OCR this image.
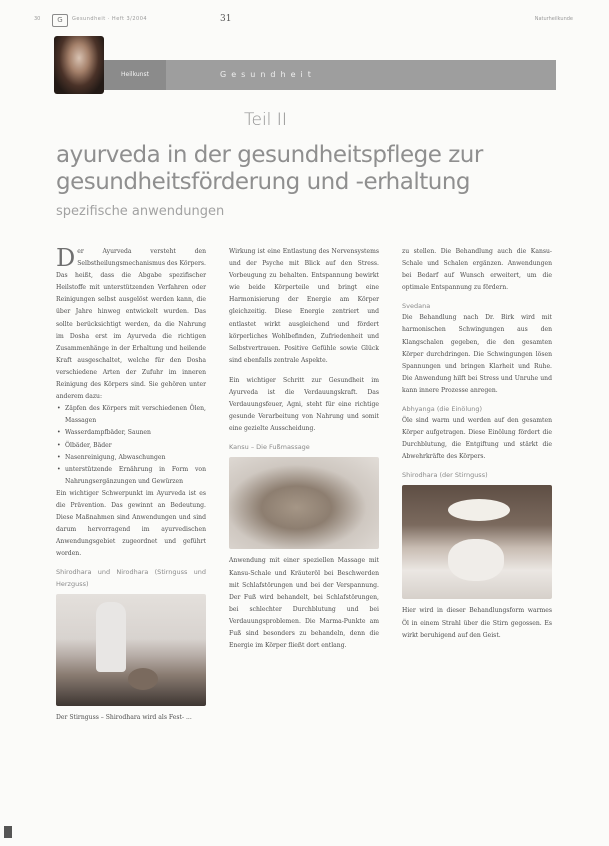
30	G	Gesundheit · Heft 3/2004	31	Naturheilkunde
Heilkunst	Gesundheit
Teil II
ayurveda in der gesundheitspflege zur gesundheitsförderung und -erhaltung
spezifische anwendungen

Der Ayurveda versteht den Selbstheilungsmechanismus des Körpers. Das heißt, dass die Abgabe spezifischer Heilstoffe mit unterstützenden Verfahren oder Reinigungen selbst ausgelöst werden kann, die über Jahre hinweg entwickelt wurden. Das sollte berücksichtigt werden, da die Nahrung im Dosha erst im Ayurveda die richtigen Zusammenhänge in der Erhaltung und heilende Kraft ausgeschaltet, welche für den Dosha verschiedene Arten der Zufuhr im inneren Reinigung des Körpers sind. Sie gehören unter anderem dazu:

• Zäpfen des Körpers mit verschiedenen Ölen, Massagen
• Wasserdampfbäder, Saunen
• Ölbäder, Bäder
• Nasenreinigung, Abwaschungen
• unterstützende Ernährung in Form von Nahrungsergänzungen und Gewürzen

Ein wichtiger Schwerpunkt im Ayurveda ist es die Prävention. Das gewinnt an Bedeutung. Diese Maßnahmen sind Anwendungen und sind darum hervorragend im ayurvedischen Anwendungsgebiet zugeordnet und geführt worden.

Shirodhara und Nirodhara (Stirnguss und Herzguss)

Der Stirnguss – Shirodhara wird als Fest- ...

Wirkung ist eine Entlastung des Nervensystems und der Psyche mit Blick auf den Stress. Vorbeugung zu behalten. Entspannung bewirkt wie beide Körperteile und bringt eine Harmonisierung der Energie am Körper gleichzeitig. Diese Energie zentriert und entlastet wirkt ausgleichend und fördert körperliches Wohlbefinden, Zufriedenheit und Selbstvertrauen. Positive Gefühle sowie Glück sind ebenfalls zentrale Aspekte.

Ein wichtiger Schritt zur Gesundheit im Ayurveda ist die Verdauungskraft. Das Verdauungsfeuer, Agni, steht für eine richtige gesunde Verarbeitung von Nahrung und somit eine gezielte Ausscheidung.

Kansu – Die Fußmassage

Anwendung mit einer speziellen Massage mit Kansu-Schale und Kräuteröl bei Beschwerden mit Schlafstörungen und bei der Verspannung. Der Fuß wird behandelt, bei Schlafstörungen, bei schlechter Durchblutung und bei Verdauungsproblemen. Die Marma-Punkte am Fuß sind besonders zu behandeln, denn die Energie im Körper fließt dort entlang.

zu stellen. Die Behandlung auch die Kansu-Schale und Schalen ergänzen. Anwendungen bei Bedarf auf Wunsch erweitert, um die optimale Entspannung zu fördern.

Svedana

Die Behandlung nach Dr. Birk wird mit harmonischen Schwingungen aus den Klangschalen gegeben, die den gesamten Körper durchdringen. Die Schwingungen lösen Spannungen und bringen Klarheit und Ruhe. Die Anwendung hilft bei Stress und Unruhe und kann innere Prozesse anregen.

Abhyanga (die Einölung)

Öle sind warm und werden auf den gesamten Körper aufgetragen. Diese Einölung fördert die Durchblutung, die Entgiftung und stärkt die Abwehrkräfte des Körpers.

Shirodhara (der Stirnguss)

Hier wird in dieser Behandlungsform warmes Öl in einem Strahl über die Stirn gegossen. Es wirkt beruhigend auf den Geist.
